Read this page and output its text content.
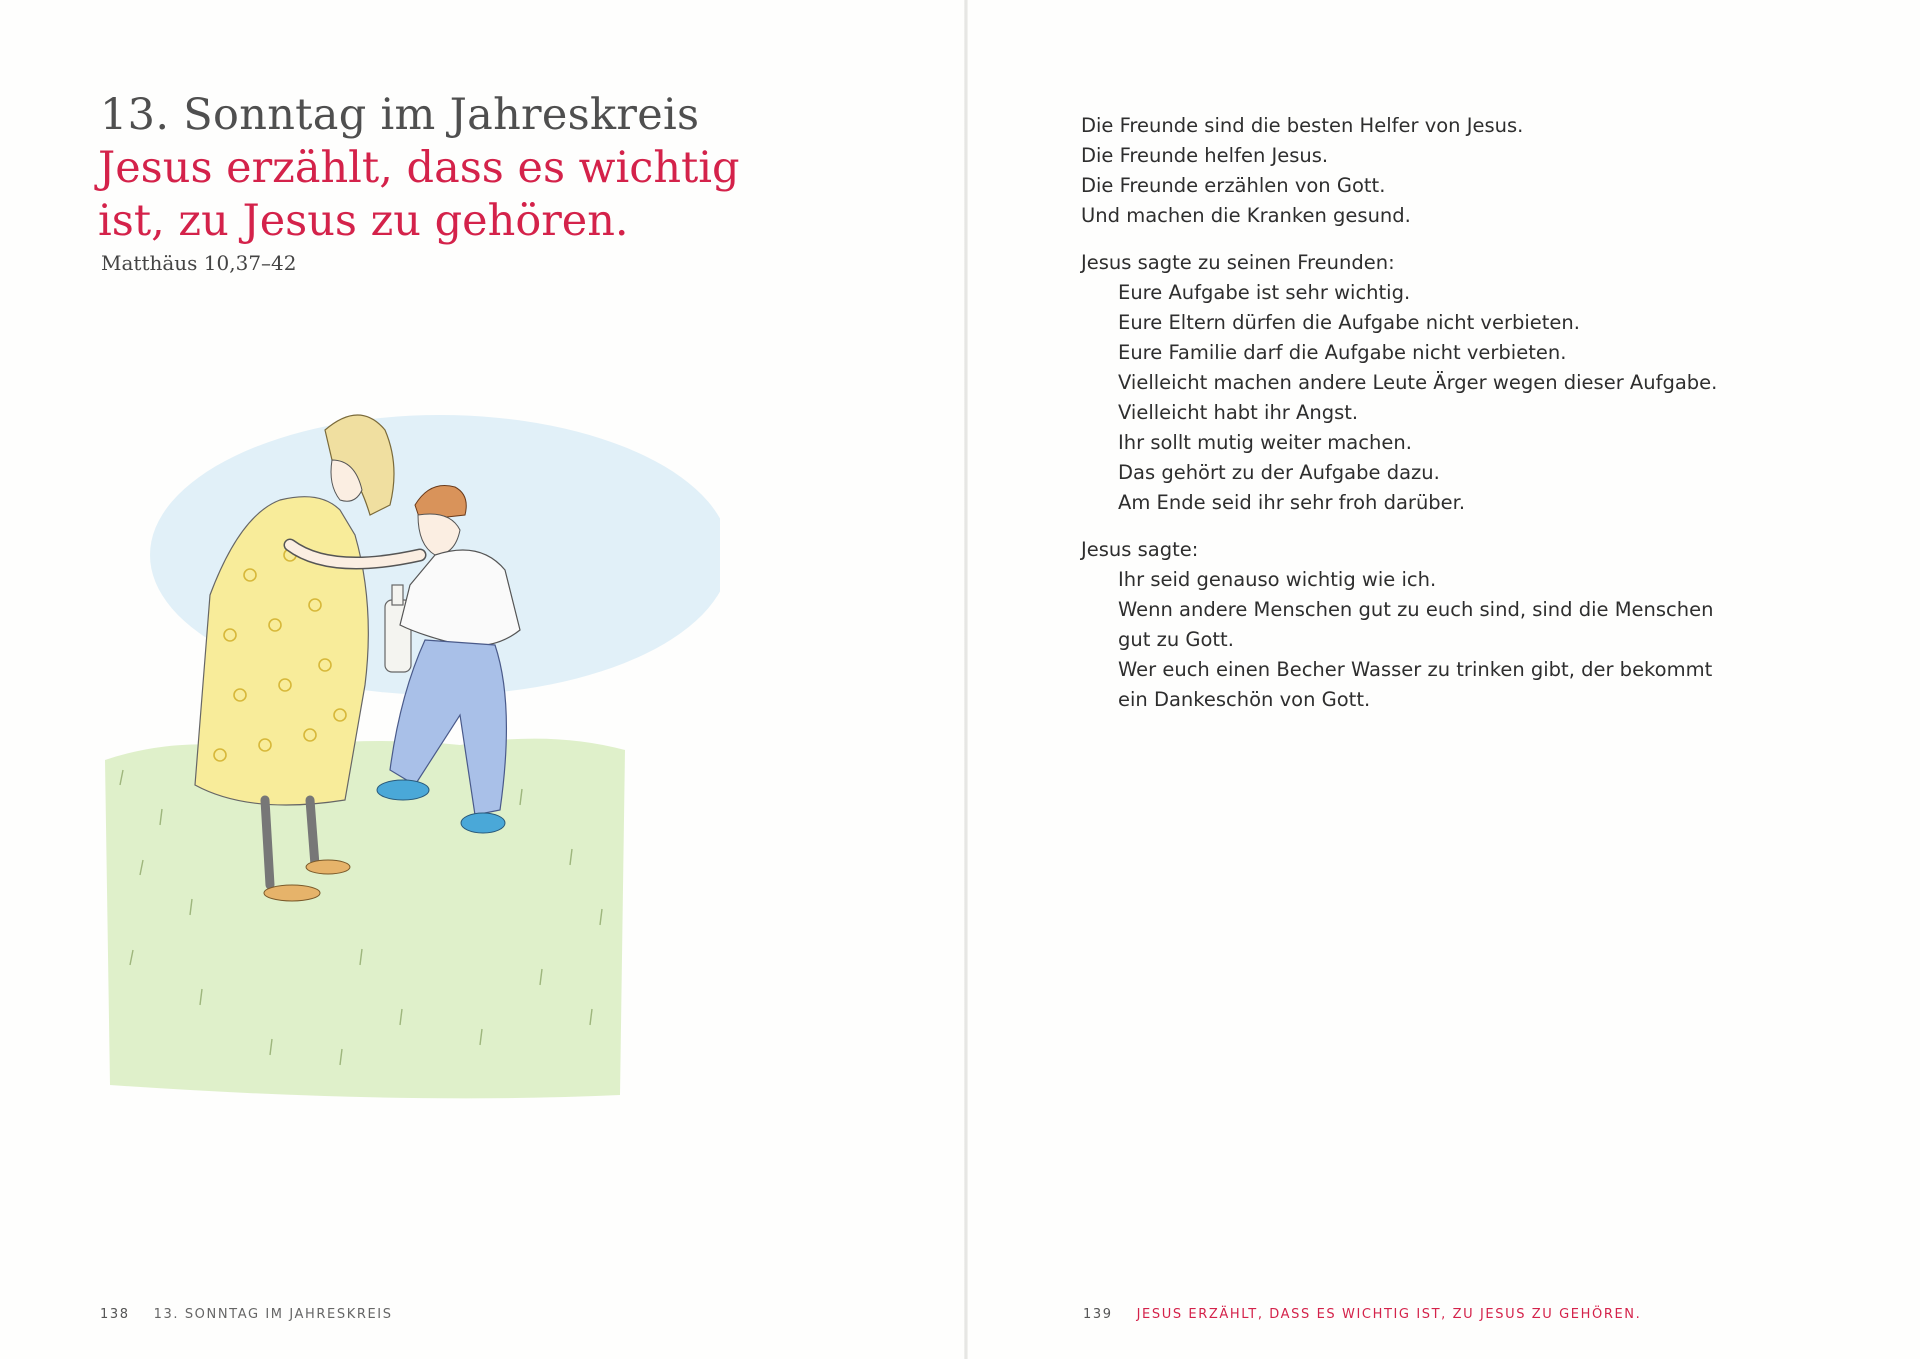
13. Sonntag im Jahreskreis
Jesus erzählt, dass es wichtig ist, zu Jesus zu gehören.
Matthäus 10,37–42
138 13. SONNTAG IM JAHRESKREIS	139 JESUS ERZÄHLT, DASS ES WICHTIG IST, ZU JESUS ZU GEHÖREN.
Die Freunde sind die besten Helfer von Jesus.
Die Freunde helfen Jesus.
Die Freunde erzählen von Gott.
Und machen die Kranken gesund.
Jesus sagte zu seinen Freunden:
Eure Aufgabe ist sehr wichtig.
Eure Eltern dürfen die Aufgabe nicht verbieten.
Eure Familie darf die Aufgabe nicht verbieten.
Vielleicht machen andere Leute Ärger wegen dieser Aufgabe.
Vielleicht habt ihr Angst.
Ihr sollt mutig weiter machen.
Das gehört zu der Aufgabe dazu.
Am Ende seid ihr sehr froh darüber.
Jesus sagte:
Ihr seid genauso wichtig wie ich.
Wenn andere Menschen gut zu euch sind, sind die Menschen
gut zu Gott.
Wer euch einen Becher Wasser zu trinken gibt, der bekommt
ein Dankeschön von Gott.
